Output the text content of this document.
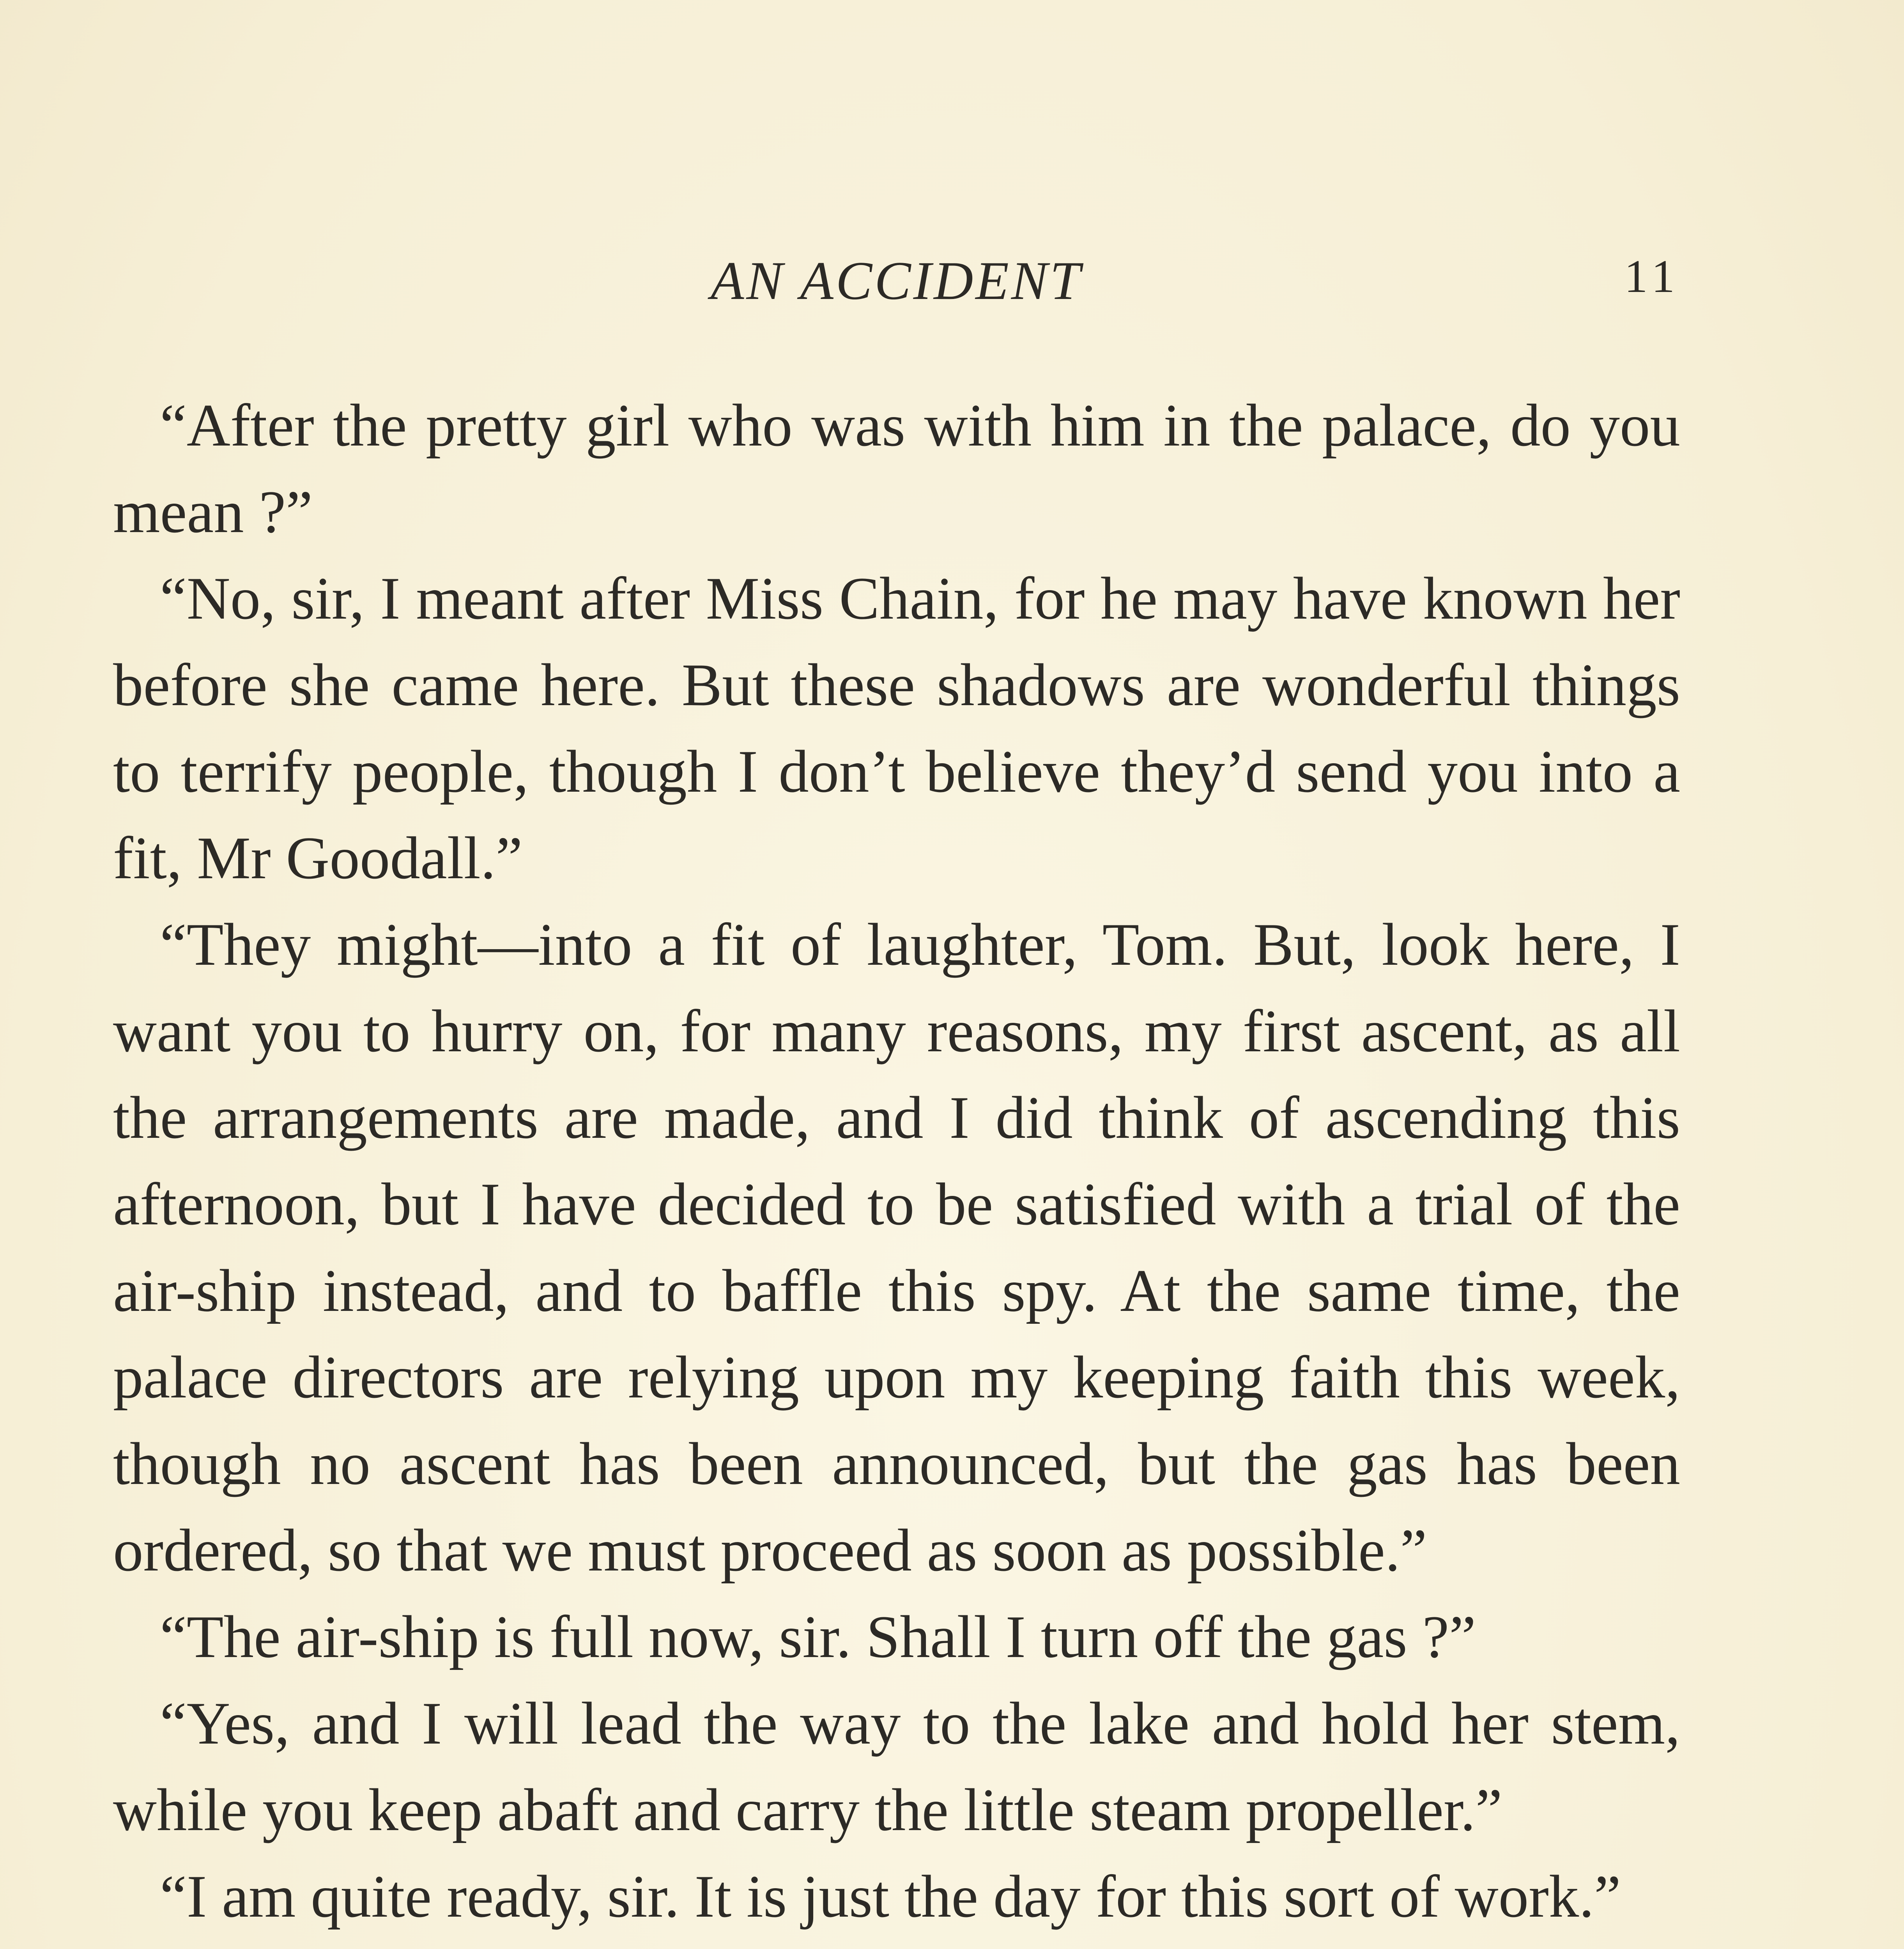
AN ACCIDENT	11

“After the pretty girl who was with him in the palace, do you mean ?”

“No, sir, I meant after Miss Chain, for he may have known her before she came here. But these shadows are wonderful things to terrify people, though I don’t believe they’d send you into a fit, Mr Goodall.”

“They might—into a fit of laughter, Tom. But, look here, I want you to hurry on, for many reasons, my first ascent, as all the arrangements are made, and I did think of ascending this afternoon, but I have decided to be satisfied with a trial of the air-ship instead, and to baffle this spy. At the same time, the palace directors are relying upon my keeping faith this week, though no ascent has been announced, but the gas has been ordered, so that we must proceed as soon as possible.”

“The air-ship is full now, sir. Shall I turn off the gas ?”

“Yes, and I will lead the way to the lake and hold her stem, while you keep abaft and carry the little steam propeller.”

“I am quite ready, sir. It is just the day for this sort of work.”
